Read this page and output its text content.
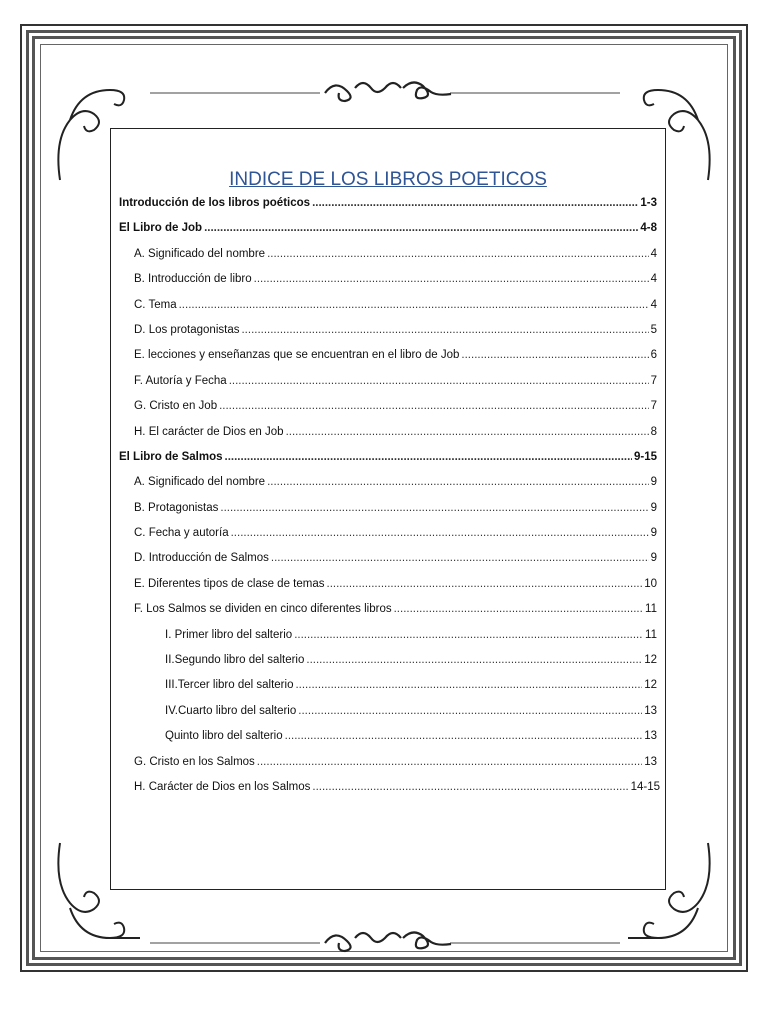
INDICE DE LOS LIBROS POETICOS
Introducción de los libros poéticos .....	1-3
El Libro de Job .....	4-8
A. Significado del nombre .....	4
B. Introducción de libro .....	4
C. Tema .....	4
D. Los protagonistas .....	5
E. lecciones y enseñanzas que se encuentran en el libro de Job .....	6
F. Autoría y Fecha .....	7
G. Cristo en Job .....	7
H. El carácter de Dios en Job .....	8
El Libro de Salmos .....	9-15
A. Significado del nombre .....	9
B. Protagonistas .....	9
C. Fecha y autoría .....	9
D. Introducción de Salmos .....	9
E. Diferentes tipos de clase de temas .....	10
F. Los Salmos se dividen en cinco diferentes libros .....	11
I. Primer libro del salterio .....	11
II.Segundo libro del salterio .....	12
III.Tercer libro del salterio .....	12
IV.Cuarto libro del salterio .....	13
Quinto libro del salterio .....	13
G. Cristo en los Salmos .....	13
H. Carácter de Dios en los Salmos .....	14-15
